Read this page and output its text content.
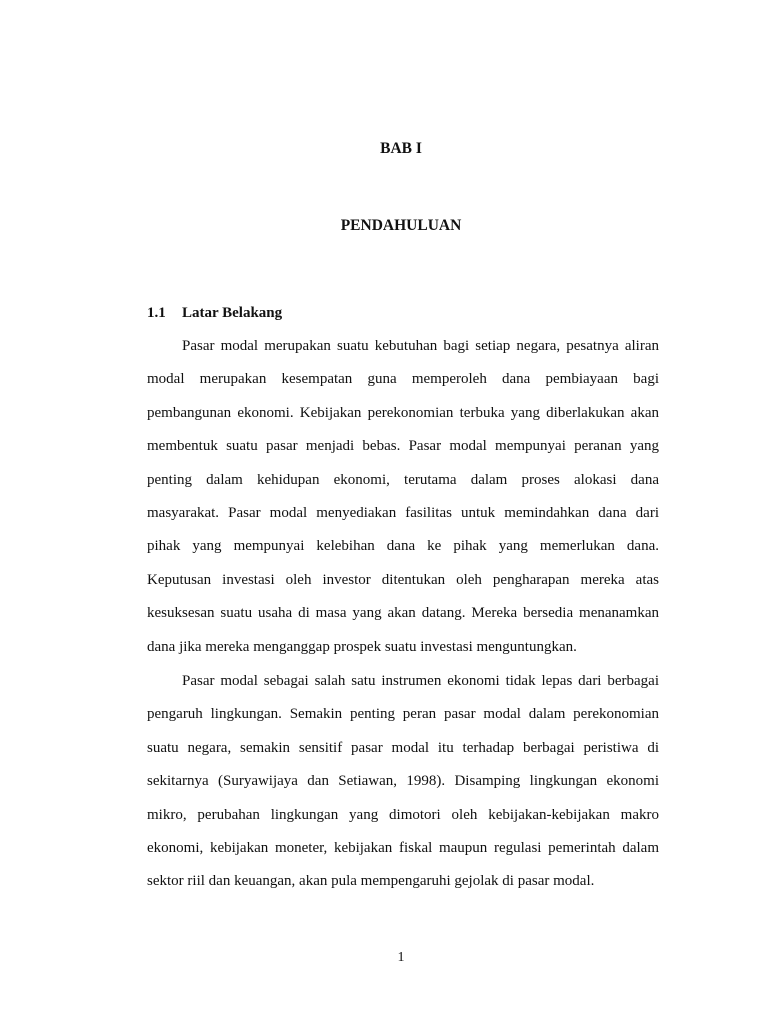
BAB I
PENDAHULUAN
1.1 Latar Belakang
Pasar modal merupakan suatu kebutuhan bagi setiap negara, pesatnya aliran
modal merupakan kesempatan guna memperoleh dana pembiayaan bagi
pembangunan ekonomi. Kebijakan perekonomian terbuka yang diberlakukan akan
membentuk suatu pasar menjadi bebas. Pasar modal mempunyai peranan yang
penting dalam kehidupan ekonomi, terutama dalam proses alokasi dana
masyarakat. Pasar modal menyediakan fasilitas untuk memindahkan dana dari
pihak yang mempunyai kelebihan dana ke pihak yang memerlukan dana.
Keputusan investasi oleh investor ditentukan oleh pengharapan mereka atas
kesuksesan suatu usaha di masa yang akan datang. Mereka bersedia menanamkan
dana jika mereka menganggap prospek suatu investasi menguntungkan.
Pasar modal sebagai salah satu instrumen ekonomi tidak lepas dari berbagai
pengaruh lingkungan. Semakin penting peran pasar modal dalam perekonomian
suatu negara, semakin sensitif pasar modal itu terhadap berbagai peristiwa di
sekitarnya (Suryawijaya dan Setiawan, 1998). Disamping lingkungan ekonomi
mikro, perubahan lingkungan yang dimotori oleh kebijakan-kebijakan makro
ekonomi, kebijakan moneter, kebijakan fiskal maupun regulasi pemerintah dalam
sektor riil dan keuangan, akan pula mempengaruhi gejolak di pasar modal.
1
